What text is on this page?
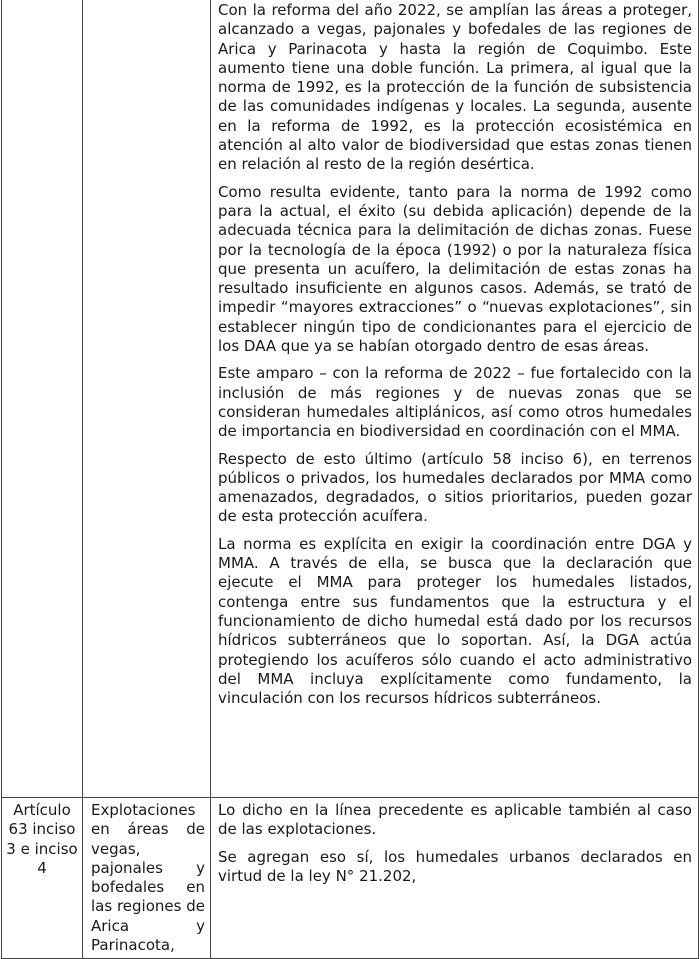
		Con la reforma del año 2022, se amplían las áreas a proteger, alcanzado a vegas, pajonales y bofedales de las regiones de Arica y Parinacota y hasta la región de Coquimbo. Este aumento tiene una doble función. La primera, al igual que la norma de 1992, es la protección de la función de subsistencia de las comunidades indígenas y locales. La segunda, ausente en la reforma de 1992, es la protección ecosistémica en atención al alto valor de biodiversidad que estas zonas tienen en relación al resto de la región desértica.

Como resulta evidente, tanto para la norma de 1992 como para la actual, el éxito (su debida aplicación) depende de la adecuada técnica para la delimitación de dichas zonas. Fuese por la tecnología de la época (1992) o por la naturaleza física que presenta un acuífero, la delimitación de estas zonas ha resultado insuficiente en algunos casos. Además, se trató de impedir “mayores extracciones” o “nuevas explotaciones”, sin establecer ningún tipo de condicionantes para el ejercicio de los DAA que ya se habían otorgado dentro de esas áreas.

Este amparo – con la reforma de 2022 – fue fortalecido con la inclusión de más regiones y de nuevas zonas que se consideran humedales altiplánicos, así como otros humedales de importancia en biodiversidad en coordinación con el MMA.

Respecto de esto último (artículo 58 inciso 6), en terrenos públicos o privados, los humedales declarados por MMA como amenazados, degradados, o sitios prioritarios, pueden gozar de esta protección acuífera.

La norma es explícita en exigir la coordinación entre DGA y MMA. A través de ella, se busca que la declaración que ejecute el MMA para proteger los humedales listados, contenga entre sus fundamentos que la estructura y el funcionamiento de dicho humedal está dado por los recursos hídricos subterráneos que lo soportan. Así, la DGA actúa protegiendo los acuíferos sólo cuando el acto administrativo del MMA incluya explícitamente como fundamento, la vinculación con los recursos hídricos subterráneos.

Artículo 63 inciso 3 e inciso 4	Explotaciones en áreas de vegas, pajonales y bofedales en las regiones de Arica y Parinacota,	Lo dicho en la línea precedente es aplicable también al caso de las explotaciones.

Se agregan eso sí, los humedales urbanos declarados en virtud de la ley N° 21.202,
